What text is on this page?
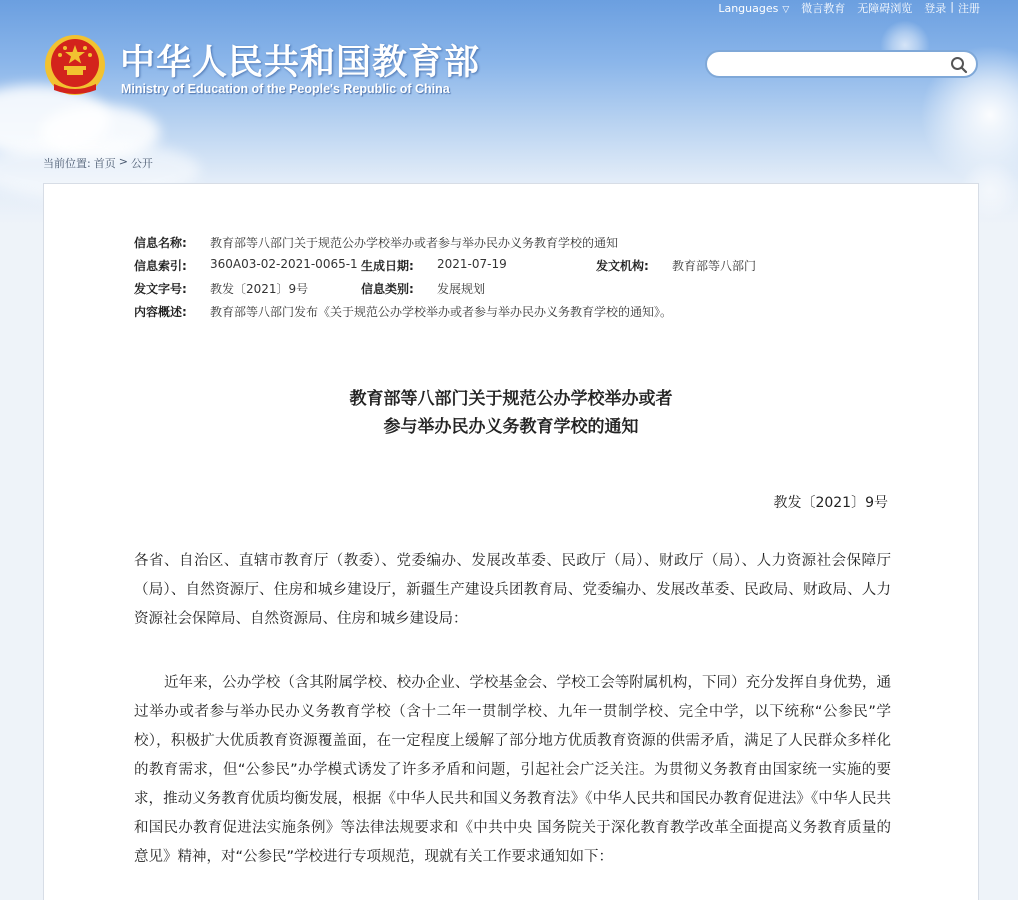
Languages ▽ 微言教育 无障碍浏览 登录 | 注册
中华人民共和国教育部
Ministry of Education of the People's Republic of China
当前位置: 首页 > 公开
信息名称: 教育部等八部门关于规范公办学校举办或者参与举办民办义务教育学校的通知
信息索引: 360A03-02-2021-0065-1 生成日期: 2021-07-19	发文机构: 教育部等八部门
发文字号: 教发〔2021〕9号	信息类别: 发展规划
内容概述: 教育部等八部门发布《关于规范公办学校举办或者参与举办民办义务教育学校的通知》。
教育部等八部门关于规范公办学校举办或者
参与举办民办义务教育学校的通知
教发〔2021〕9号
各省、自治区、直辖市教育厅（教委）、党委编办、发展改革委、民政厅（局）、财政厅（局）、人力资源社会保障厅（局）、自然资源厅、住房和城乡建设厅，新疆生产建设兵团教育局、党委编办、发展改革委、民政局、财政局、人力资源社会保障局、自然资源局、住房和城乡建设局：
近年来，公办学校（含其附属学校、校办企业、学校基金会、学校工会等附属机构，下同）充分发挥自身优势，通过举办或者参与举办民办义务教育学校（含十二年一贯制学校、九年一贯制学校、完全中学，以下统称“公参民”学校），积极扩大优质教育资源覆盖面，在一定程度上缓解了部分地方优质教育资源的供需矛盾，满足了人民群众多样化的教育需求，但“公参民”办学模式诱发了许多矛盾和问题，引起社会广泛关注。为贯彻义务教育由国家统一实施的要求，推动义务教育优质均衡发展，根据《中华人民共和国义务教育法》《中华人民共和国民办教育促进法》《中华人民共和国民办教育促进法实施条例》等法律法规要求和《中共中央 国务院关于深化教育教学改革全面提高义务教育质量的意见》精神，对“公参民”学校进行专项规范，现就有关工作要求通知如下：
